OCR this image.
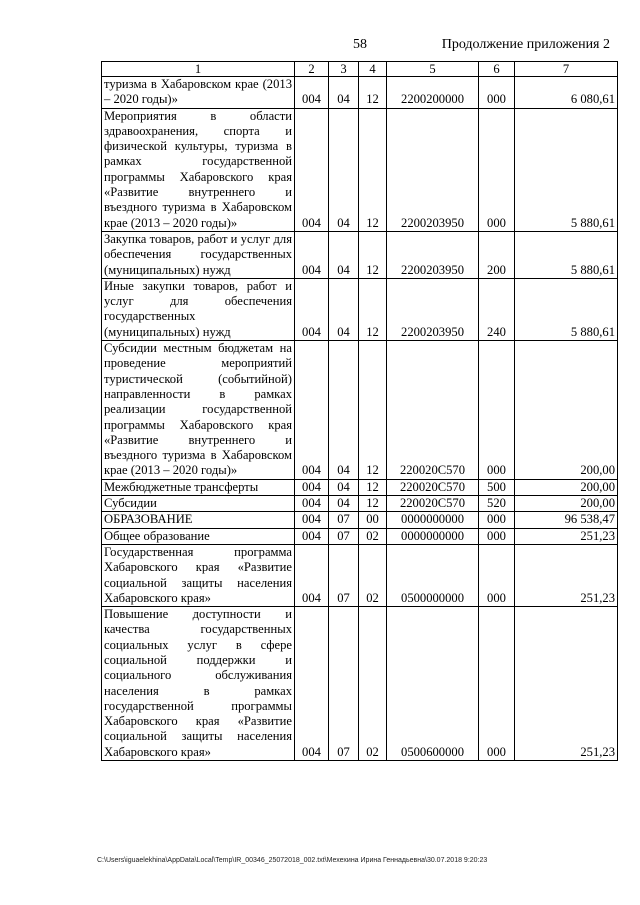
58	Продолжение приложения 2
1	2	3	4	5	6	7
туризма в Хабаровском крае (2013 – 2020 годы)»	004	04	12	2200200000	000	6 080,61
Мероприятия в области здравоохранения, спорта и физической культуры, туризма в рамках государственной программы Хабаровского края «Развитие внутреннего и въездного туризма в Хабаровском крае (2013 – 2020 годы)»	004	04	12	2200203950	000	5 880,61
Закупка товаров, работ и услуг для обеспечения государственных (муниципальных) нужд	004	04	12	2200203950	200	5 880,61
Иные закупки товаров, работ и услуг для обеспечения государственных (муниципальных) нужд	004	04	12	2200203950	240	5 880,61
Субсидии местным бюджетам на проведение мероприятий туристической (событийной) направленности в рамках реализации государственной программы Хабаровского края «Развитие внутреннего и въездного туризма в Хабаровском крае (2013 – 2020 годы)»	004	04	12	220020С570	000	200,00
Межбюджетные трансферты	004	04	12	220020С570	500	200,00
Субсидии	004	04	12	220020С570	520	200,00
ОБРАЗОВАНИЕ	004	07	00	0000000000	000	96 538,47
Общее образование	004	07	02	0000000000	000	251,23
Государственная программа Хабаровского края «Развитие социальной защиты населения Хабаровского края»	004	07	02	0500000000	000	251,23
Повышение доступности и качества государственных социальных услуг в сфере социальной поддержки и социального обслуживания населения в рамках государственной программы Хабаровского края «Развитие социальной защиты населения Хабаровского края»	004	07	02	0500600000	000	251,23
C:\Users\iguaelekhina\AppData\Local\Temp\IR_00346_25072018_002.txt\Мехехина Ирина Геннадьевна\30.07.2018 9:20:23
